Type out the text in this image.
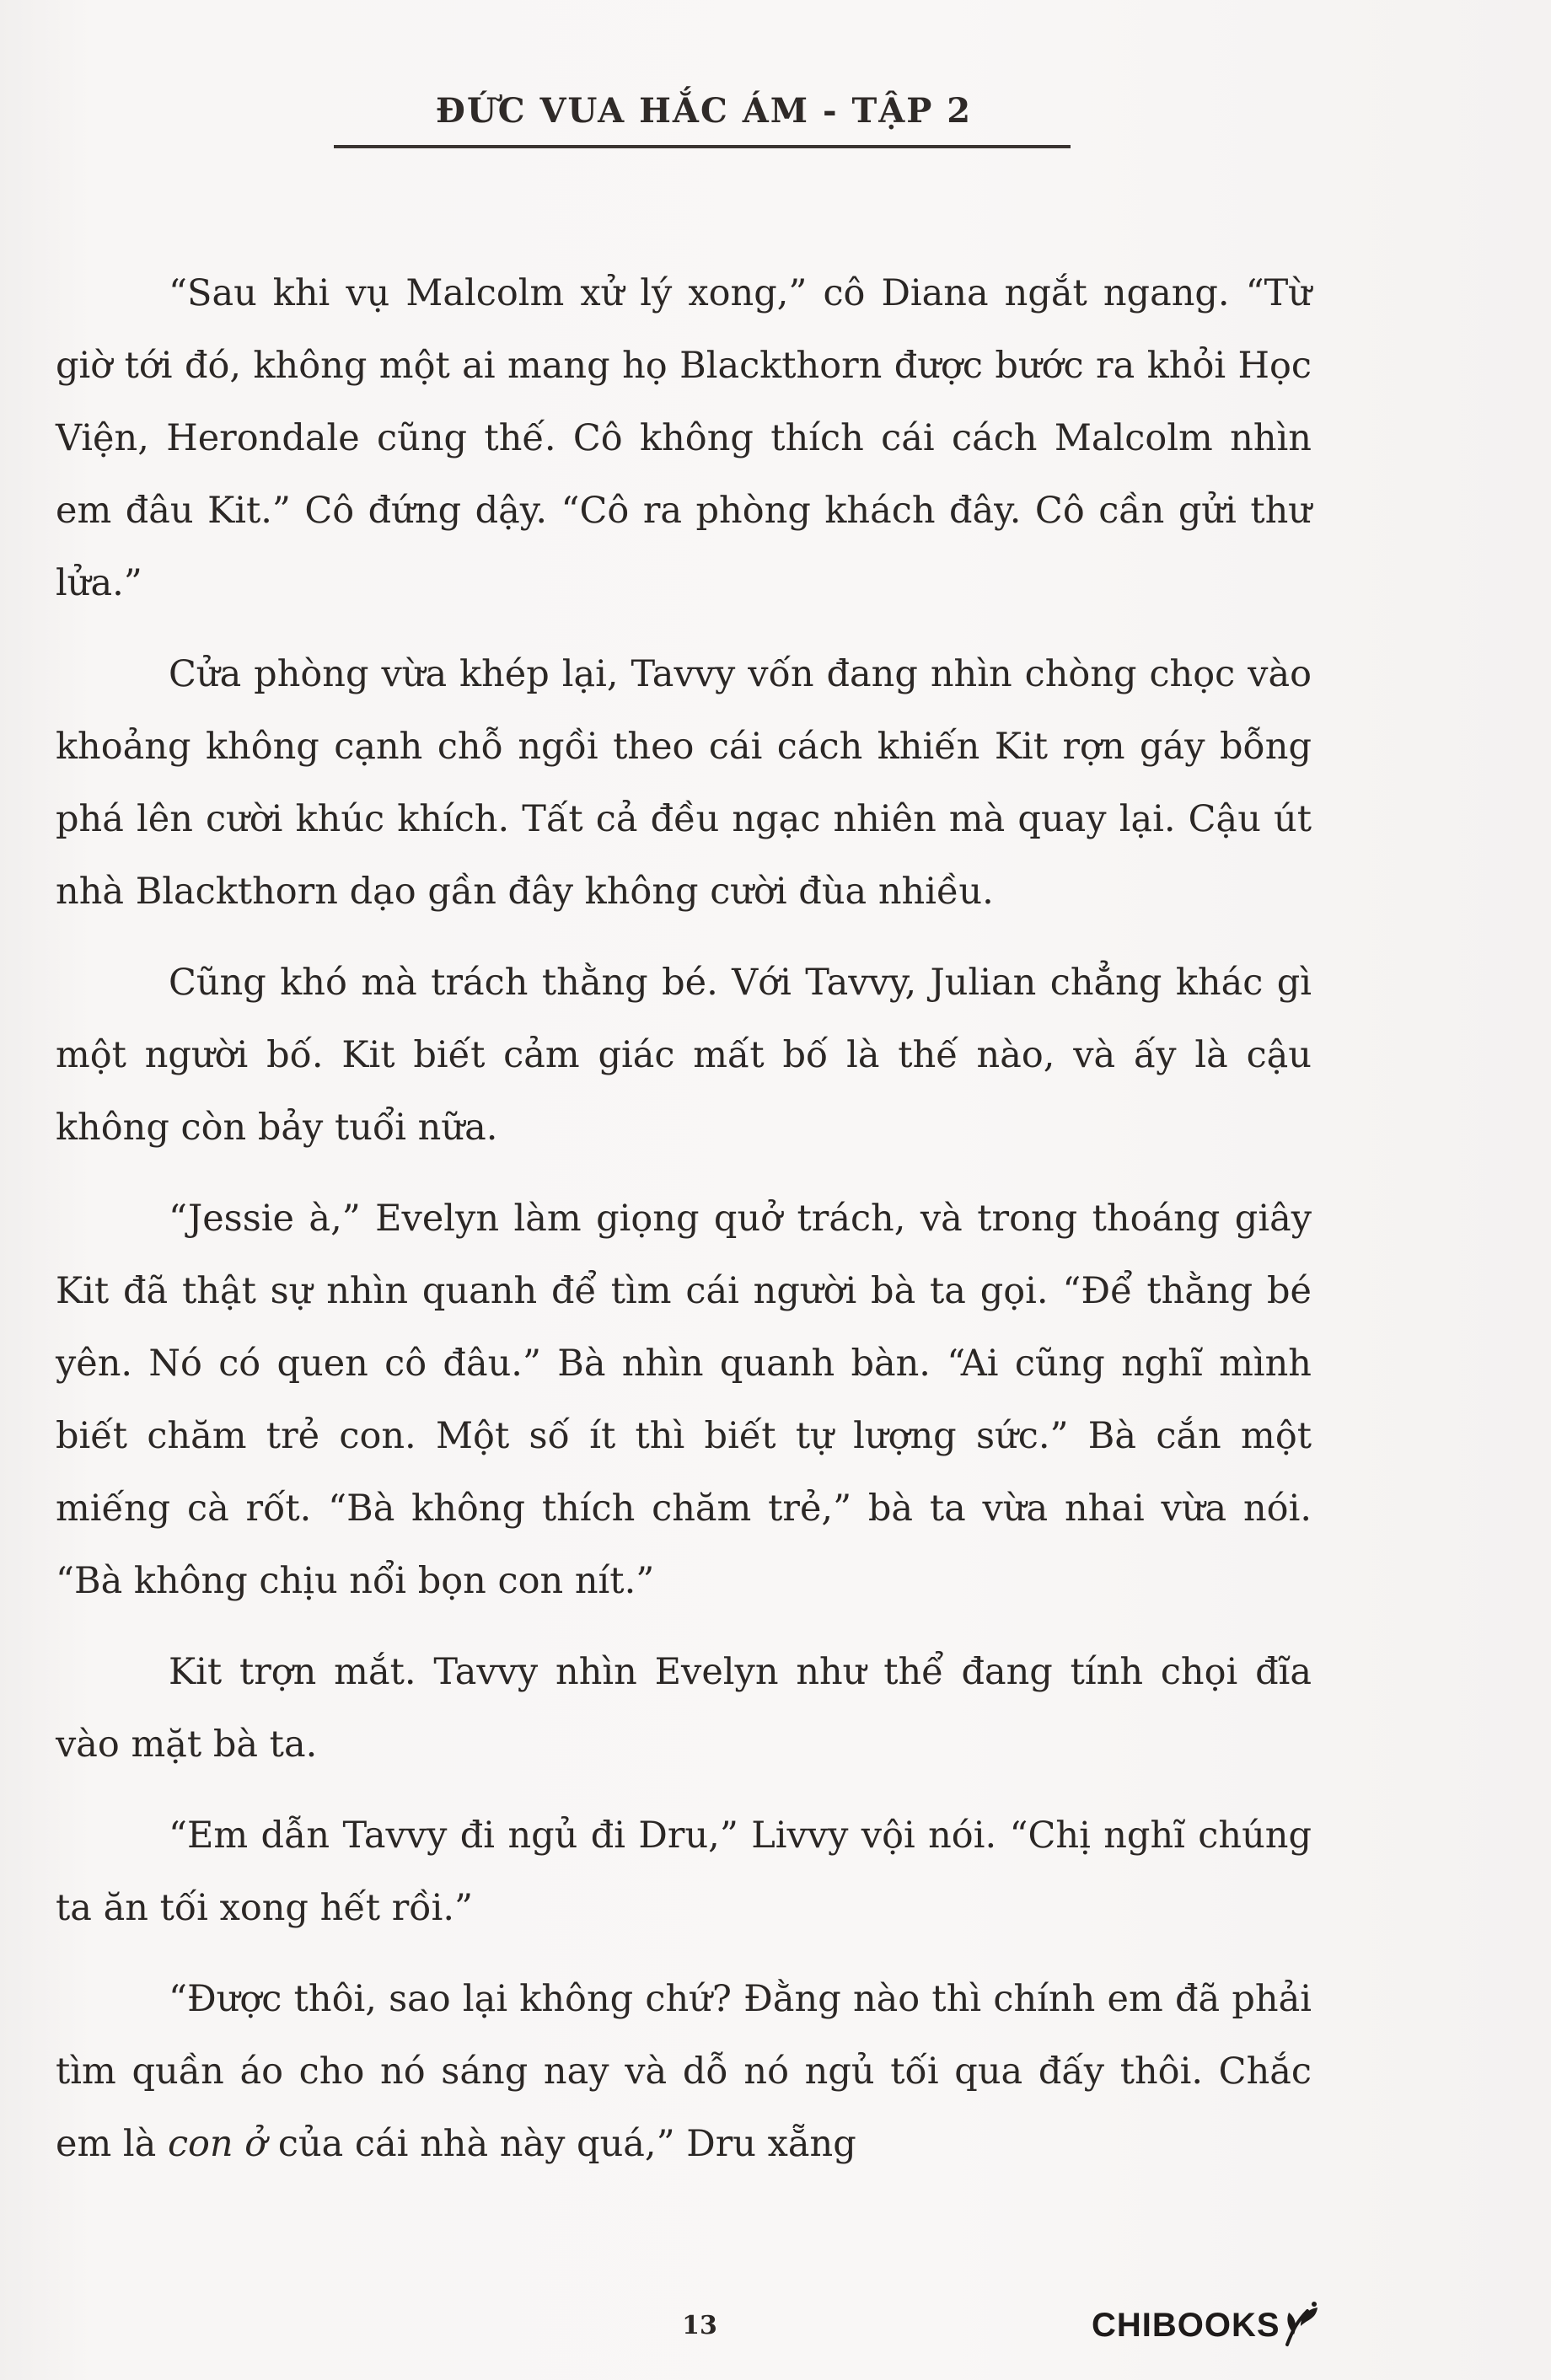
ĐỨC VUA HẮC ÁM - TẬP 2

“Sau khi vụ Malcolm xử lý xong,” cô Diana ngắt ngang. “Từ giờ tới đó, không một ai mang họ Blackthorn được bước ra khỏi Học Viện, Herondale cũng thế. Cô không thích cái cách Malcolm nhìn em đâu Kit.” Cô đứng dậy. “Cô ra phòng khách đây. Cô cần gửi thư lửa.”

Cửa phòng vừa khép lại, Tavvy vốn đang nhìn chòng chọc vào khoảng không cạnh chỗ ngồi theo cái cách khiến Kit rợn gáy bỗng phá lên cười khúc khích. Tất cả đều ngạc nhiên mà quay lại. Cậu út nhà Blackthorn dạo gần đây không cười đùa nhiều.

Cũng khó mà trách thằng bé. Với Tavvy, Julian chẳng khác gì một người bố. Kit biết cảm giác mất bố là thế nào, và ấy là cậu không còn bảy tuổi nữa.

“Jessie à,” Evelyn làm giọng quở trách, và trong thoáng giây Kit đã thật sự nhìn quanh để tìm cái người bà ta gọi. “Để thằng bé yên. Nó có quen cô đâu.” Bà nhìn quanh bàn. “Ai cũng nghĩ mình biết chăm trẻ con. Một số ít thì biết tự lượng sức.” Bà cắn một miếng cà rốt. “Bà không thích chăm trẻ,” bà ta vừa nhai vừa nói. “Bà không chịu nổi bọn con nít.”

Kit trợn mắt. Tavvy nhìn Evelyn như thể đang tính chọi đĩa vào mặt bà ta.

“Em dẫn Tavvy đi ngủ đi Dru,” Livvy vội nói. “Chị nghĩ chúng ta ăn tối xong hết rồi.”

“Được thôi, sao lại không chứ? Đằng nào thì chính em đã phải tìm quần áo cho nó sáng nay và dỗ nó ngủ tối qua đấy thôi. Chắc em là con ở của cái nhà này quá,” Dru xẵng

13	CHIBOOKS
